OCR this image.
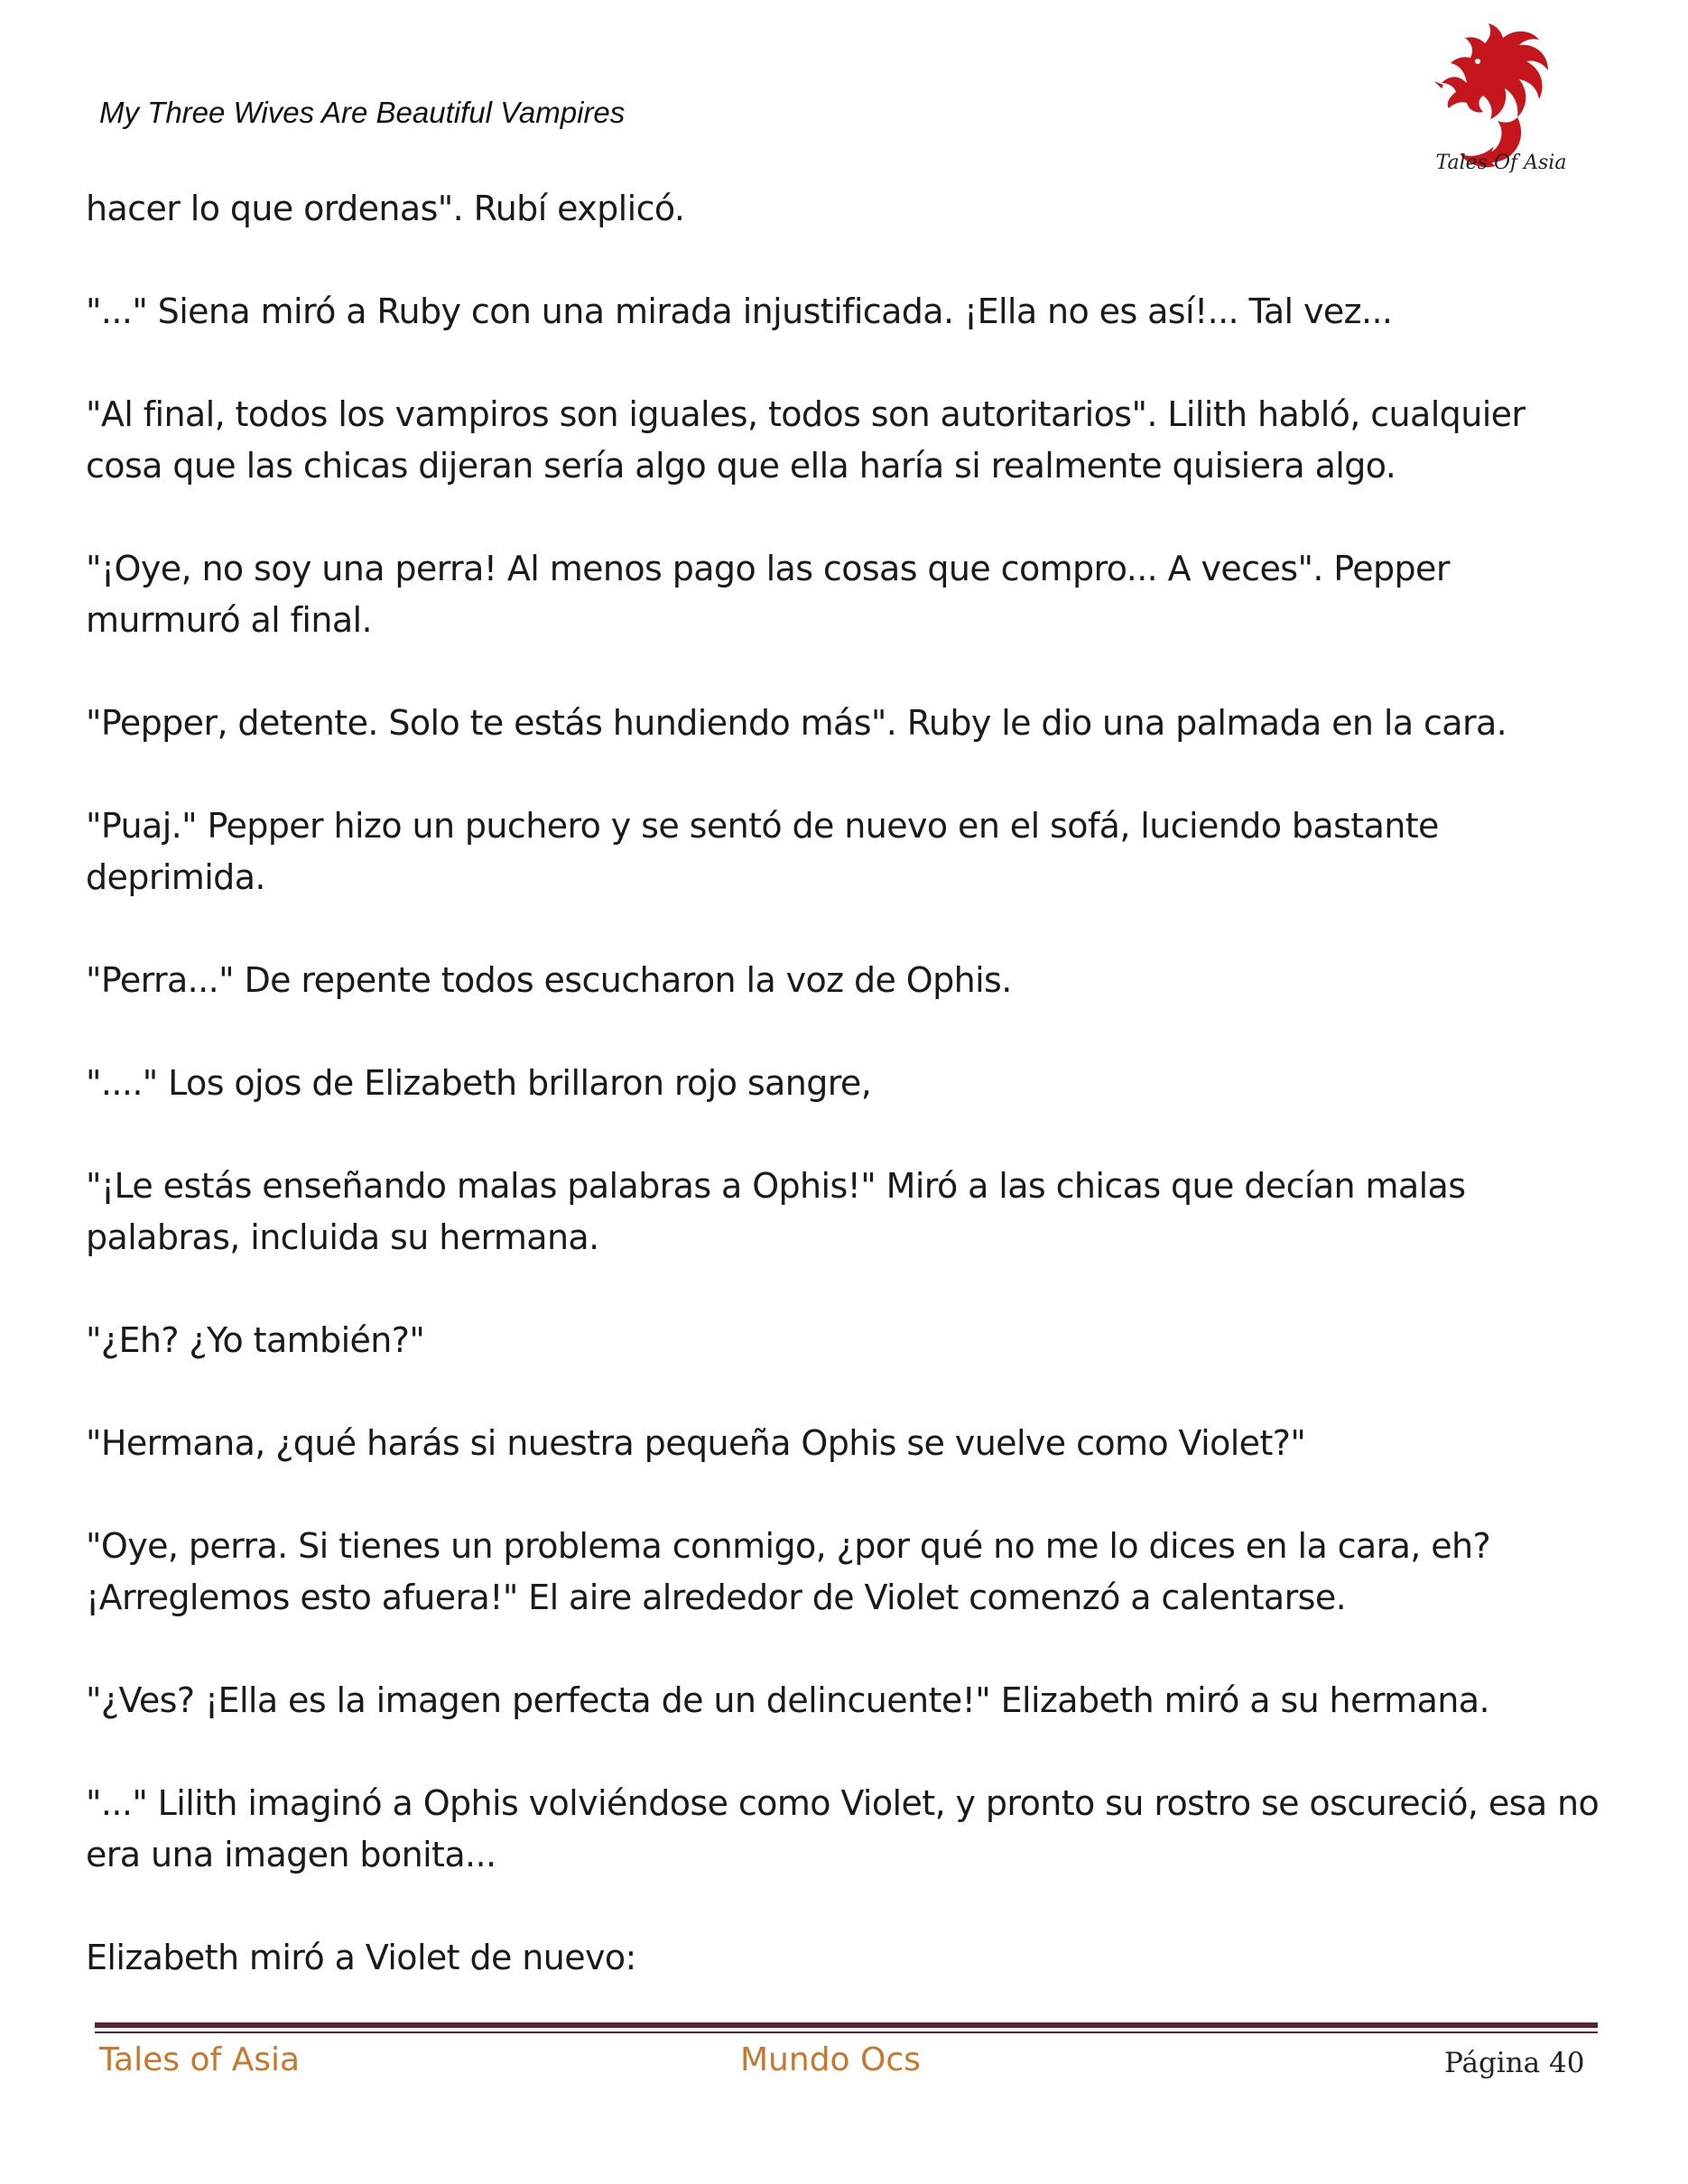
My Three Wives Are Beautiful Vampires
Tales Of Asia

hacer lo que ordenas". Rubí explicó.

"..." Siena miró a Ruby con una mirada injustificada. ¡Ella no es así!... Tal vez...

"Al final, todos los vampiros son iguales, todos son autoritarios". Lilith habló, cualquier cosa que las chicas dijeran sería algo que ella haría si realmente quisiera algo.

"¡Oye, no soy una perra! Al menos pago las cosas que compro... A veces". Pepper murmuró al final.

"Pepper, detente. Solo te estás hundiendo más". Ruby le dio una palmada en la cara.

"Puaj." Pepper hizo un puchero y se sentó de nuevo en el sofá, luciendo bastante deprimida.

"Perra..." De repente todos escucharon la voz de Ophis.

"...." Los ojos de Elizabeth brillaron rojo sangre,

"¡Le estás enseñando malas palabras a Ophis!" Miró a las chicas que decían malas palabras, incluida su hermana.

"¿Eh? ¿Yo también?"

"Hermana, ¿qué harás si nuestra pequeña Ophis se vuelve como Violet?"

"Oye, perra. Si tienes un problema conmigo, ¿por qué no me lo dices en la cara, eh? ¡Arreglemos esto afuera!" El aire alrededor de Violet comenzó a calentarse.

"¿Ves? ¡Ella es la imagen perfecta de un delincuente!" Elizabeth miró a su hermana.

"..." Lilith imaginó a Ophis volviéndose como Violet, y pronto su rostro se oscureció, esa no era una imagen bonita...

Elizabeth miró a Violet de nuevo:

Tales of Asia	Mundo Ocs	Página 40
